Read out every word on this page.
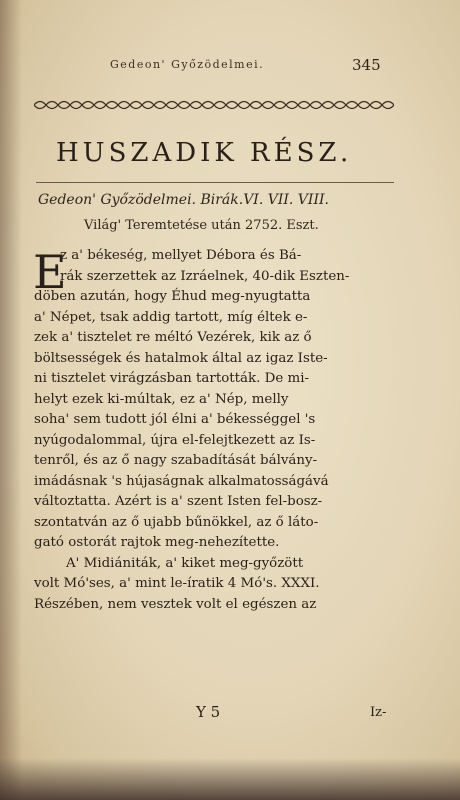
Gedeon' Győzödelmei.	345
HUSZADIK RÉSZ.
Gedeon' Győzödelmei. Birák.VI. VII. VIII.
Világ' Teremtetése után 2752. Eszt.
E
z a' békeség, mellyet Débora és Bá-
rák szerzettek az Izráelnek, 40-dik Eszten-
döben azután, hogy Éhud meg-nyugtatta
a' Népet, tsak addig tartott, míg éltek e-
zek a' tisztelet re méltó Vezérek, kik az ő
böltsességek és hatalmok által az igaz Iste-
ni tisztelet virágzásban tartották. De mi-
helyt ezek ki-múltak, ez a' Nép, melly
soha' sem tudott jól élni a' békességgel 's
nyúgodalommal, újra el-felejtkezett az Is-
tenről, és az ő nagy szabadítását bálvány-
imádásnak 's hújaságnak alkalmatosságává
változtatta. Azért is a' szent Isten fel-bosz-
szontatván az ő ujabb bűnökkel, az ő láto-
gató ostorát rajtok meg-nehezítette.
A' Midiániták, a' kiket meg-győzött
volt Mó'ses, a' mint le-íratik 4 Mó's. XXXI.
Részében, nem vesztek volt el egészen az
Y 5	Iz-
